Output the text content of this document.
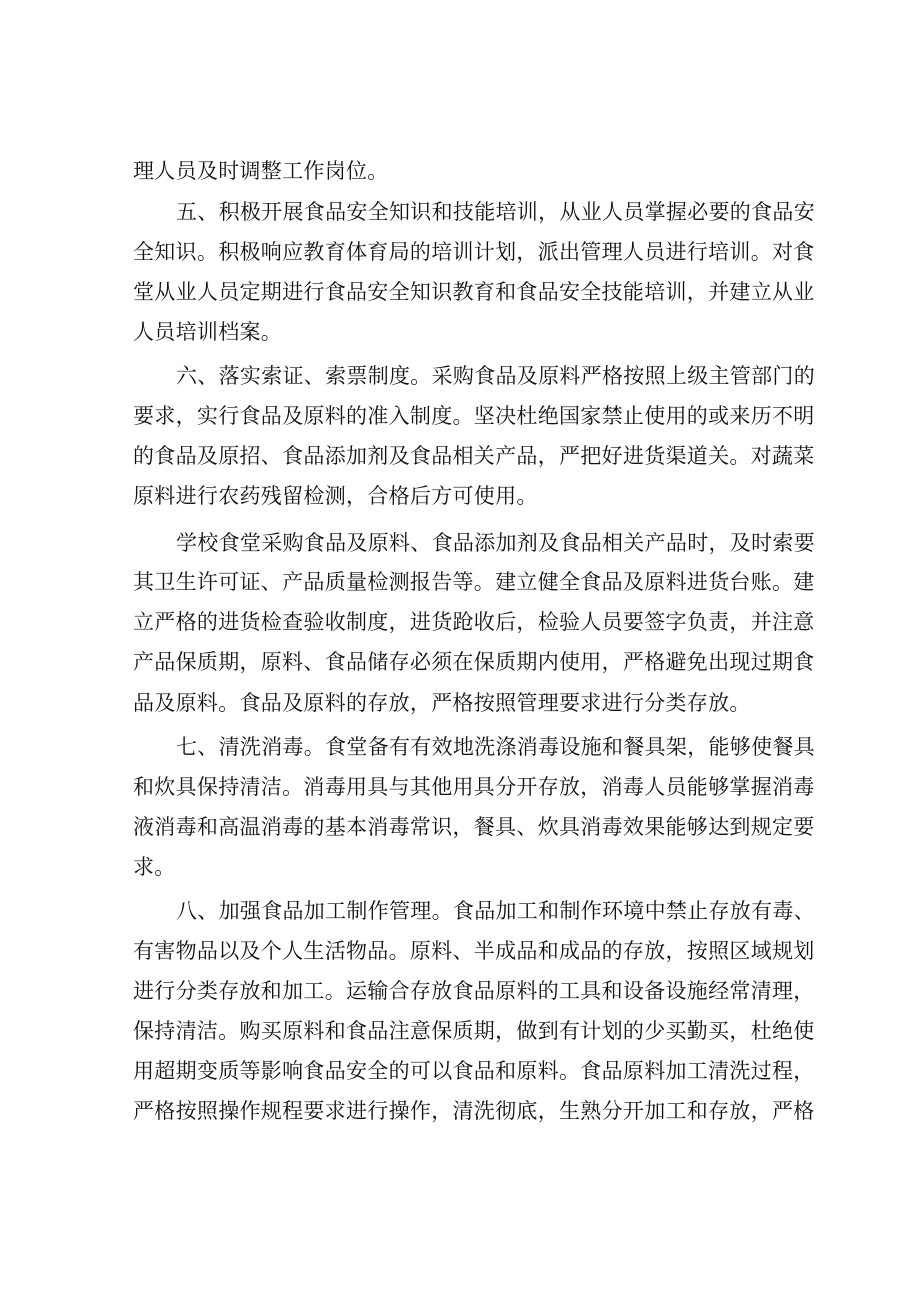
理人员及时调整工作岗位。
五、积极开展食品安全知识和技能培训，从业人员掌握必要的食品安
全知识。积极响应教育体育局的培训计划，派出管理人员进行培训。对食
堂从业人员定期进行食品安全知识教育和食品安全技能培训，并建立从业
人员培训档案。
六、落实索证、索票制度。采购食品及原料严格按照上级主管部门的
要求，实行食品及原料的准入制度。坚决杜绝国家禁止使用的或来历不明
的食品及原招、食品添加剂及食品相关产品，严把好进货渠道关。对蔬菜
原料进行农药残留检测，合格后方可使用。
学校食堂采购食品及原料、食品添加剂及食品相关产品时，及时索要
其卫生许可证、产品质量检测报告等。建立健全食品及原料进货台账。建
立严格的进货检查验收制度，进货跄收后，检验人员要签字负责，并注意
产品保质期，原料、食品储存必须在保质期内使用，严格避免出现过期食
品及原料。食品及原料的存放，严格按照管理要求进行分类存放。
七、清洗消毒。食堂备有有效地洗涤消毒设施和餐具架，能够使餐具
和炊具保持清洁。消毒用具与其他用具分开存放，消毒人员能够掌握消毒
液消毒和高温消毒的基本消毒常识，餐具、炊具消毒效果能够达到规定要
求。
八、加强食品加工制作管理。食品加工和制作环境中禁止存放有毒、
有害物品以及个人生活物品。原料、半成品和成品的存放，按照区域规划
进行分类存放和加工。运输合存放食品原料的工具和设备设施经常清理，
保持清洁。购买原料和食品注意保质期，做到有计划的少买勤买，杜绝使
用超期变质等影响食品安全的可以食品和原料。食品原料加工清洗过程，
严格按照操作规程要求进行操作，清洗彻底，生熟分开加工和存放，严格
